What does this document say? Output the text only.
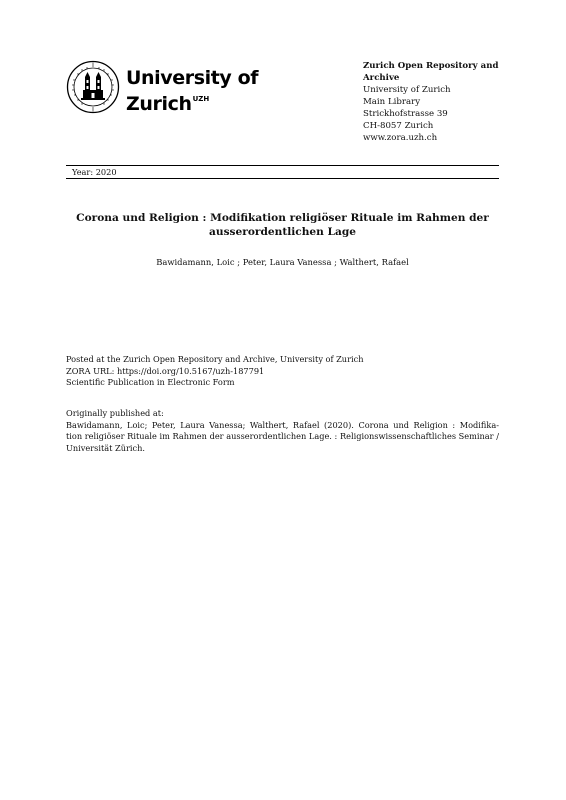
University of
Zurich$^{UZH}$
Zurich Open Repository and
Archive
University of Zurich
Main Library
Strickhofstrasse 39
CH-8057 Zurich
www.zora.uzh.ch
Year: 2020
Corona und Religion : Modifikation religiöser Rituale im Rahmen der
ausserordentlichen Lage
Bawidamann, Loic ; Peter, Laura Vanessa ; Walthert, Rafael
Posted at the Zurich Open Repository and Archive, University of Zurich
ZORA URL: https://doi.org/10.5167/uzh-187791
Scientific Publication in Electronic Form
Originally published at:
Bawidamann, Loic; Peter, Laura Vanessa; Walthert, Rafael (2020). Corona und Religion : Modifika-
tion religiöser Rituale im Rahmen der ausserordentlichen Lage. : Religionswissenschaftliches Seminar /
Universität Zürich.
